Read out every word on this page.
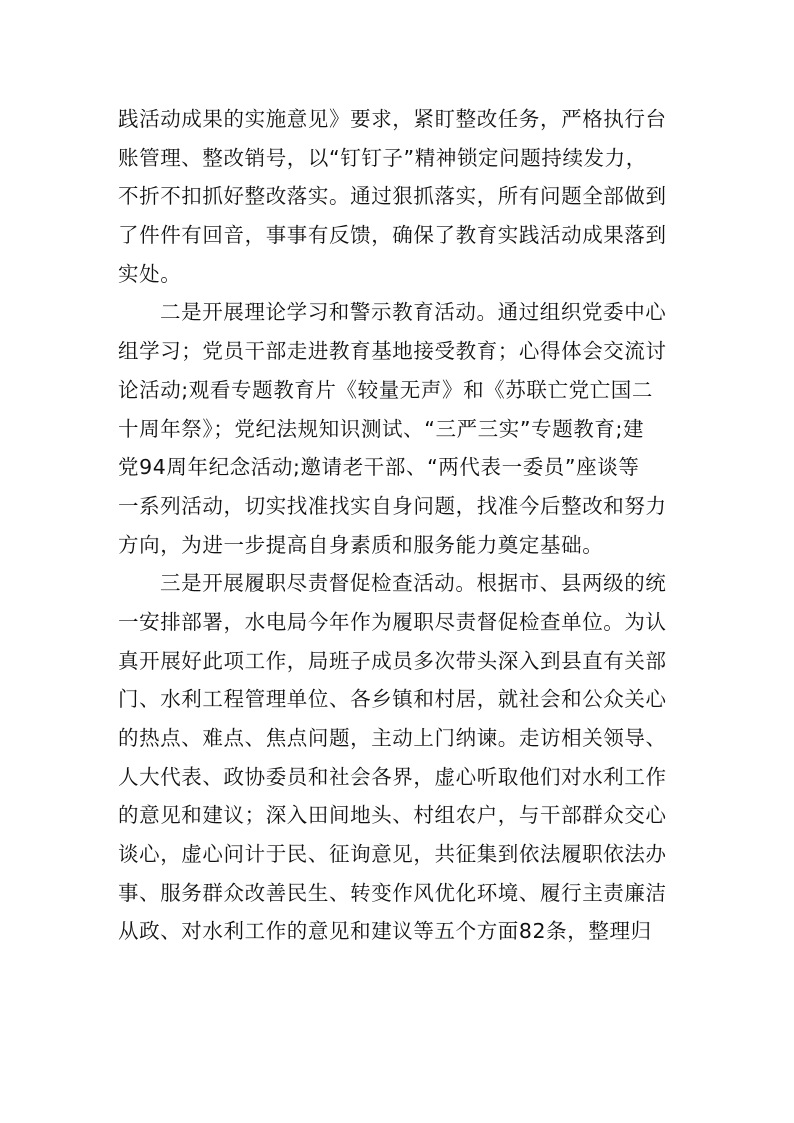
践活动成果的实施意见》要求，紧盯整改任务，严格执行台
账管理、整改销号，以“钉钉子”精神锁定问题持续发力，
不折不扣抓好整改落实。通过狠抓落实，所有问题全部做到
了件件有回音，事事有反馈，确保了教育实践活动成果落到
实处。
二是开展理论学习和警示教育活动。通过组织党委中心
组学习；党员干部走进教育基地接受教育；心得体会交流讨
论活动;观看专题教育片《较量无声》和《苏联亡党亡国二
十周年祭》；党纪法规知识测试、“三严三实”专题教育;建
党94周年纪念活动;邀请老干部、“两代表一委员”座谈等
一系列活动，切实找准找实自身问题，找准今后整改和努力
方向，为进一步提高自身素质和服务能力奠定基础。
三是开展履职尽责督促检查活动。根据市、县两级的统
一安排部署，水电局今年作为履职尽责督促检查单位。为认
真开展好此项工作，局班子成员多次带头深入到县直有关部
门、水利工程管理单位、各乡镇和村居，就社会和公众关心
的热点、难点、焦点问题，主动上门纳谏。走访相关领导、
人大代表、政协委员和社会各界，虚心听取他们对水利工作
的意见和建议；深入田间地头、村组农户，与干部群众交心
谈心，虚心问计于民、征询意见，共征集到依法履职依法办
事、服务群众改善民生、转变作风优化环境、履行主责廉洁
从政、对水利工作的意见和建议等五个方面82条，整理归
